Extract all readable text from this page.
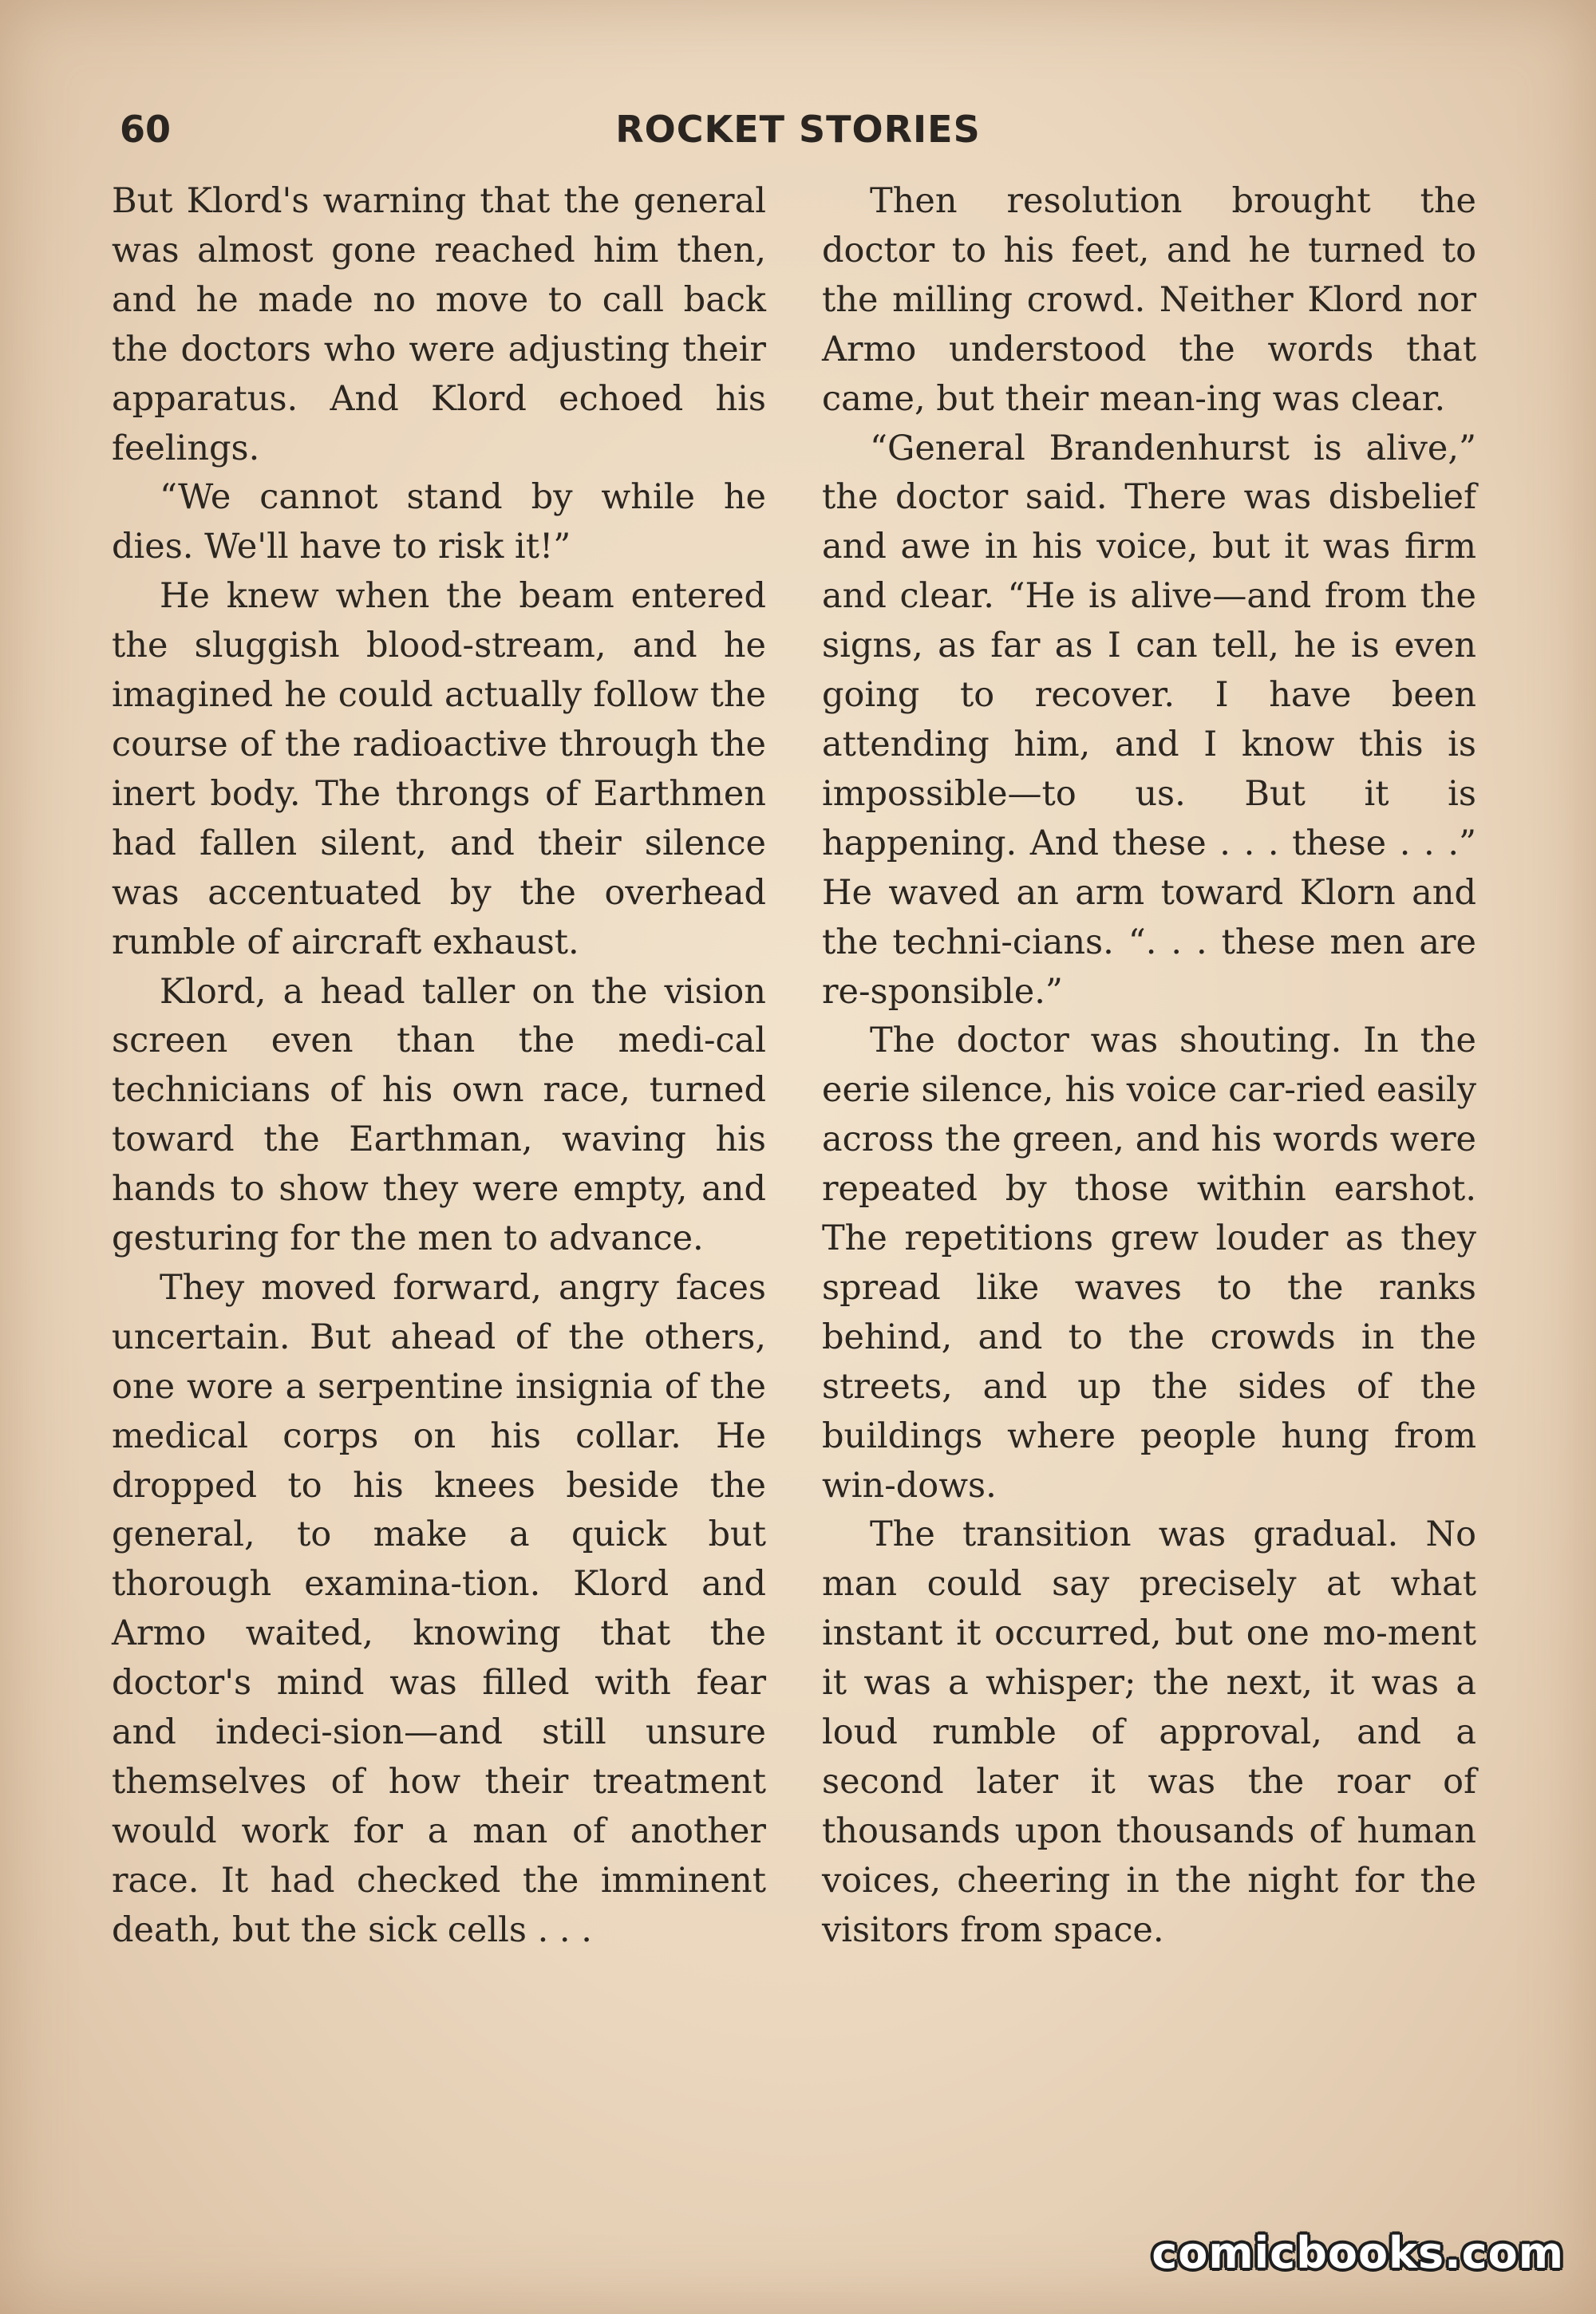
60	ROCKET STORIES

But Klord's warning that the general was almost gone reached him then, and he made no move to call back the doctors who were adjusting their apparatus. And Klord echoed his feelings.

“We cannot stand by while he dies. We'll have to risk it!”

He knew when the beam entered the sluggish blood-stream, and he imagined he could actually follow the course of the radioactive through the inert body. The throngs of Earthmen had fallen silent, and their silence was accentuated by the overhead rumble of aircraft exhaust.

Klord, a head taller on the vision screen even than the medi-cal technicians of his own race, turned toward the Earthman, waving his hands to show they were empty, and gesturing for the men to advance.

They moved forward, angry faces uncertain. But ahead of the others, one wore a serpentine insignia of the medical corps on his collar. He dropped to his knees beside the general, to make a quick but thorough examina-tion. Klord and Armo waited, knowing that the doctor's mind was filled with fear and indeci-sion—and still unsure themselves of how their treatment would work for a man of another race. It had checked the imminent death, but the sick cells . . .

Then resolution brought the doctor to his feet, and he turned to the milling crowd. Neither Klord nor Armo understood the words that came, but their mean-ing was clear.

“General Brandenhurst is alive,” the doctor said. There was disbelief and awe in his voice, but it was firm and clear. “He is alive—and from the signs, as far as I can tell, he is even going to recover. I have been attending him, and I know this is impossible—to us. But it is happening. And these . . . these . . .” He waved an arm toward Klorn and the techni-cians. “. . . these men are re-sponsible.”

The doctor was shouting. In the eerie silence, his voice car-ried easily across the green, and his words were repeated by those within earshot. The repetitions grew louder as they spread like waves to the ranks behind, and to the crowds in the streets, and up the sides of the buildings where people hung from win-dows.

The transition was gradual. No man could say precisely at what instant it occurred, but one mo-ment it was a whisper; the next, it was a loud rumble of approval, and a second later it was the roar of thousands upon thousands of human voices, cheering in the night for the visitors from space.

comicbooks.com
